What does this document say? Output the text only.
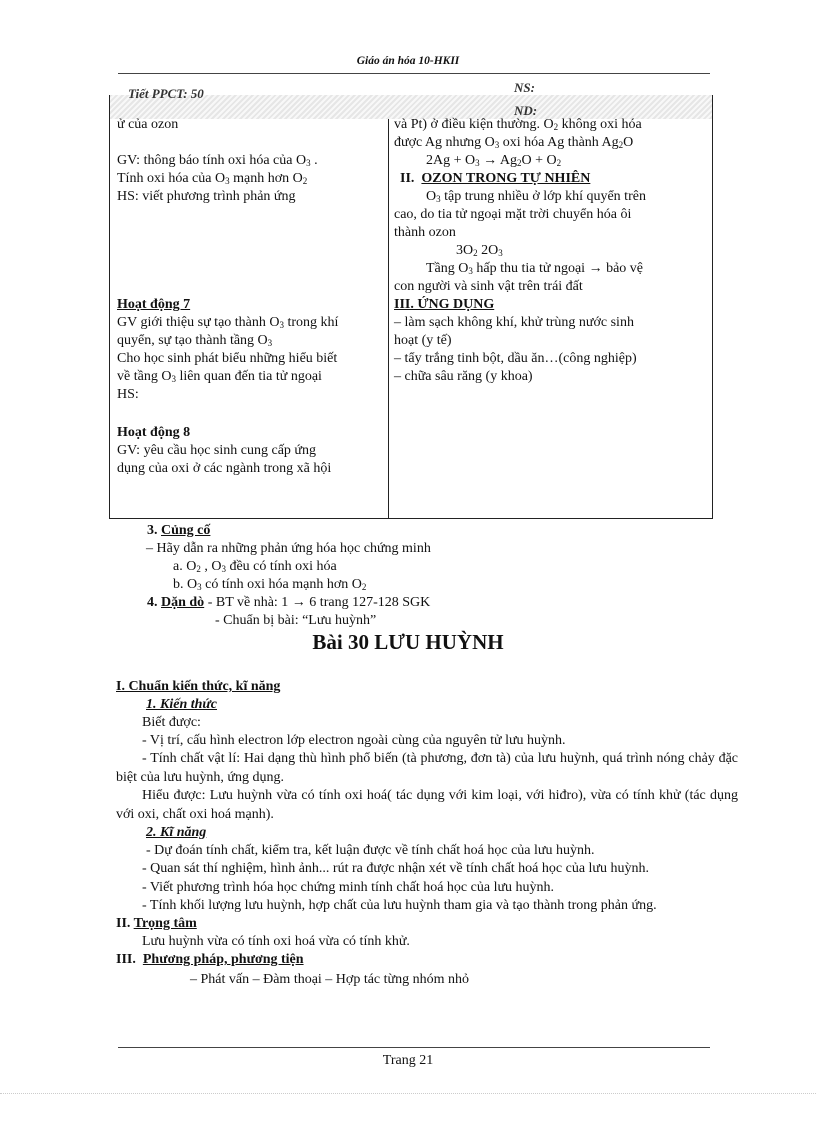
Giáo án hóa 10-HKII
Tiết PPCT: 50	NS:
ND:
ử của ozon
GV: thông báo tính oxi hóa của $O_3$ .
Tính oxi hóa của $O_3$ mạnh hơn $O_2$
HS: viết phương trình phản ứng
Hoạt động 7
GV giới thiệu sự tạo thành $O_3$ trong khí
quyển, sự tạo thành tầng $O_3$
Cho học sinh phát biểu những hiểu biết
về tầng $O_3$ liên quan đến tia tử ngoại
HS:
Hoạt động 8
GV: yêu cầu học sinh cung cấp ứng
dụng của oxi ở các ngành trong xã hội
và Pt) ở điều kiện thường. $O_2$ không oxi hóa
được Ag nhưng $O_3$ oxi hóa Ag thành $Ag_2O$
$2Ag + O_3 \to Ag_2O + O_2$
II. OZON TRONG TỰ NHIÊN
$O_3$ tập trung nhiều ở lớp khí quyển trên
cao, do tia tử ngoại mặt trời chuyển hóa ôi
thành ozon
$3O_2$ $2O_3$
Tầng $O_3$ hấp thu tia tử ngoại → bảo vệ
con người và sinh vật trên trái đất
III. ỨNG DỤNG
– làm sạch không khí, khử trùng nước sinh
hoạt (y tế)
– tẩy trắng tinh bột, dầu ăn…(công nghiệp)
– chữa sâu răng (y khoa)
3. Củng cố
– Hãy dẫn ra những phản ứng hóa học chứng minh
a. $O_2$ , $O_3$ đều có tính oxi hóa
b. $O_3$ có tính oxi hóa mạnh hơn $O_2$
4. Dặn dò - BT về nhà: 1 → 6 trang 127-128 SGK
- Chuẩn bị bài: “Lưu huỳnh”
Bài 30 LƯU HUỲNH
I. Chuẩn kiến thức, kĩ năng
1. Kiến thức
Biết được:
- Vị trí, cấu hình electron lớp electron ngoài cùng của nguyên tử lưu huỳnh.
- Tính chất vật lí: Hai dạng thù hình phổ biến (tà phương, đơn tà) của lưu huỳnh, quá trình nóng chảy đặc biệt của lưu huỳnh, ứng dụng.
Hiểu được: Lưu huỳnh vừa có tính oxi hoá( tác dụng với kim loại, với hiđro), vừa có tính khử (tác dụng với oxi, chất oxi hoá mạnh).
2. Kĩ năng
- Dự đoán tính chất, kiểm tra, kết luận được về tính chất hoá học của lưu huỳnh.
- Quan sát thí nghiệm, hình ảnh... rút ra được nhận xét về tính chất hoá học của lưu huỳnh.
- Viết phương trình hóa học chứng minh tính chất hoá học của lưu huỳnh.
- Tính khối lượng lưu huỳnh, hợp chất của lưu huỳnh tham gia và tạo thành trong phản ứng.
II. Trọng tâm
Lưu huỳnh vừa có tính oxi hoá vừa có tính khử.
III. Phương pháp, phương tiện
– Phát vấn – Đàm thoại – Hợp tác từng nhóm nhỏ
Trang 21
